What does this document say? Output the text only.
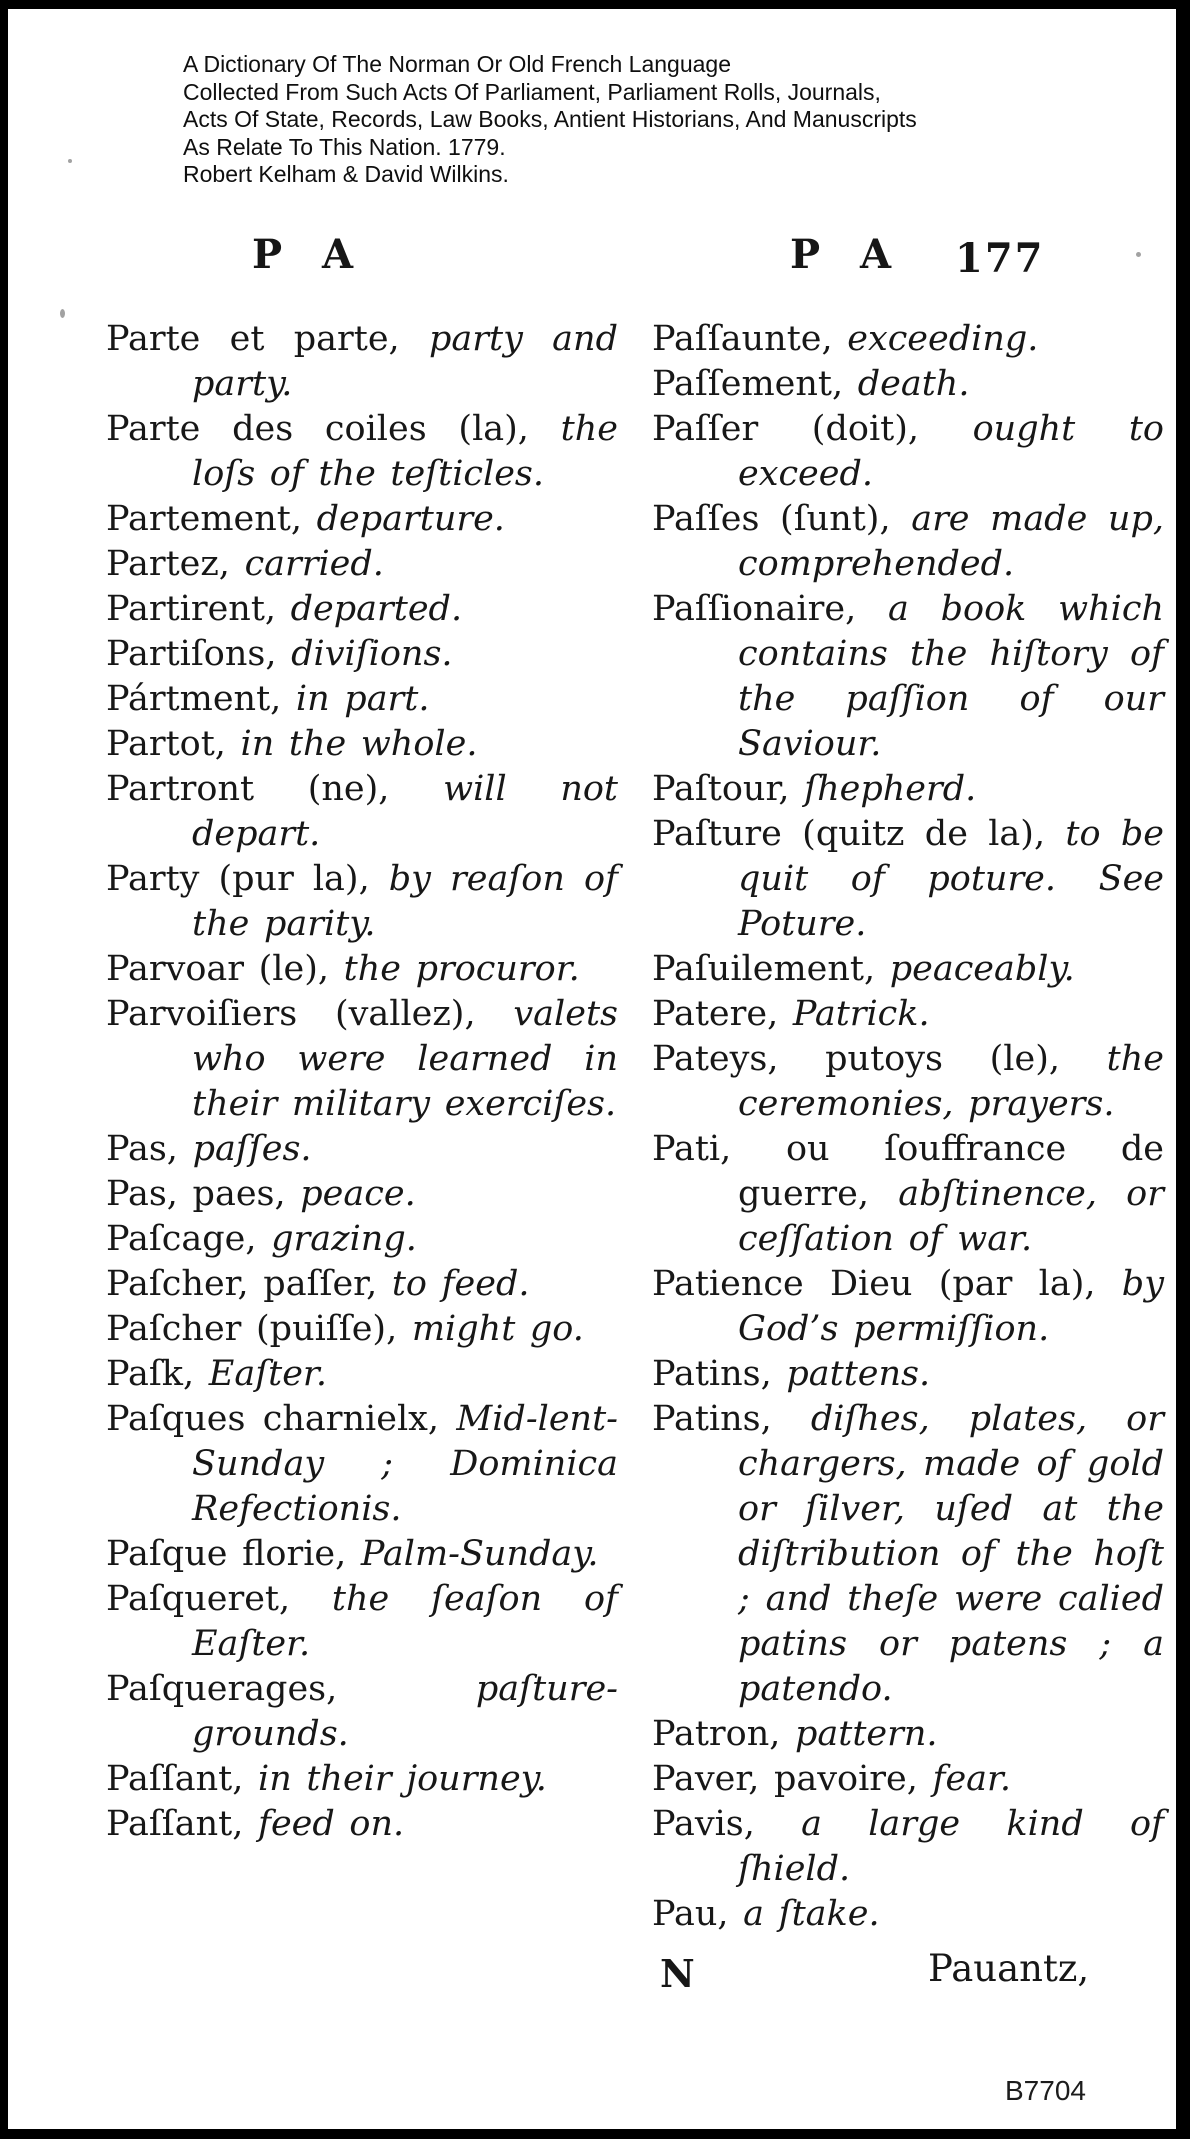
A Dictionary Of The Norman Or Old French Language
Collected From Such Acts Of Parliament, Parliament Rolls, Journals,
Acts Of State, Records, Law Books, Antient Historians, And Manuscripts
As Relate To This Nation. 1779.
Robert Kelham & David Wilkins.
P A	P A 177

Parte et parte, party and party.

Parte des coiles (la), the loſs of the teſticles.

Partement, departure.

Partez, carried.

Partirent, departed.

Partiſons, diviſions.

Pártment, in part.

Partot, in the whole.

Partront (ne), will not depart.

Party (pur la), by reaſon of the parity.

Parvoar (le), the procuror.

Parvoiſiers (vallez), valets who were learned in their military exerciſes.

Pas, paſſes.

Pas, paes, peace.

Paſcage, grazing.

Paſcher, paſſer, to feed.

Paſcher (puiſſe), might go.

Paſk, Eaſter.

Paſques charnielx, Mid-lent-Sunday ; Dominica Refectionis.

Paſque florie, Palm-Sunday.

Paſqueret, the ſeaſon of Eaſter.

Paſquerages,	paſture-grounds.

Paſſant, in their journey.

Paſſant, feed on.

Paſſaunte, exceeding.

Paſſement, death.

Paſſer (doit), ought to exceed.

Paſſes (ſunt), are made up, comprehended.

Paſſionaire, a book which contains the hiſtory of the paſſion of our Saviour.

Paſtour, ſhepherd.

Paſture (quitz de la), to be quit of poture. See Poture.

Paſuilement, peaceably.

Patere, Patrick.

Pateys, putoys (le), the ceremonies, prayers.

Pati, ou ſouffrance de guerre, abſtinence, or ceſſation of war.

Patience Dieu (par la), by God’s permiſſion.

Patins, pattens.

Patins, diſhes, plates, or chargers, made of gold or ſilver, uſed at the diſtribution of the hoſt ; and theſe were calied patins or patens ; a patendo.

Patron, pattern.

Paver, pavoire, fear.

Pavis, a large kind of ſhield.

Pau, a ſtake.

N	Pauantz,
B7704
